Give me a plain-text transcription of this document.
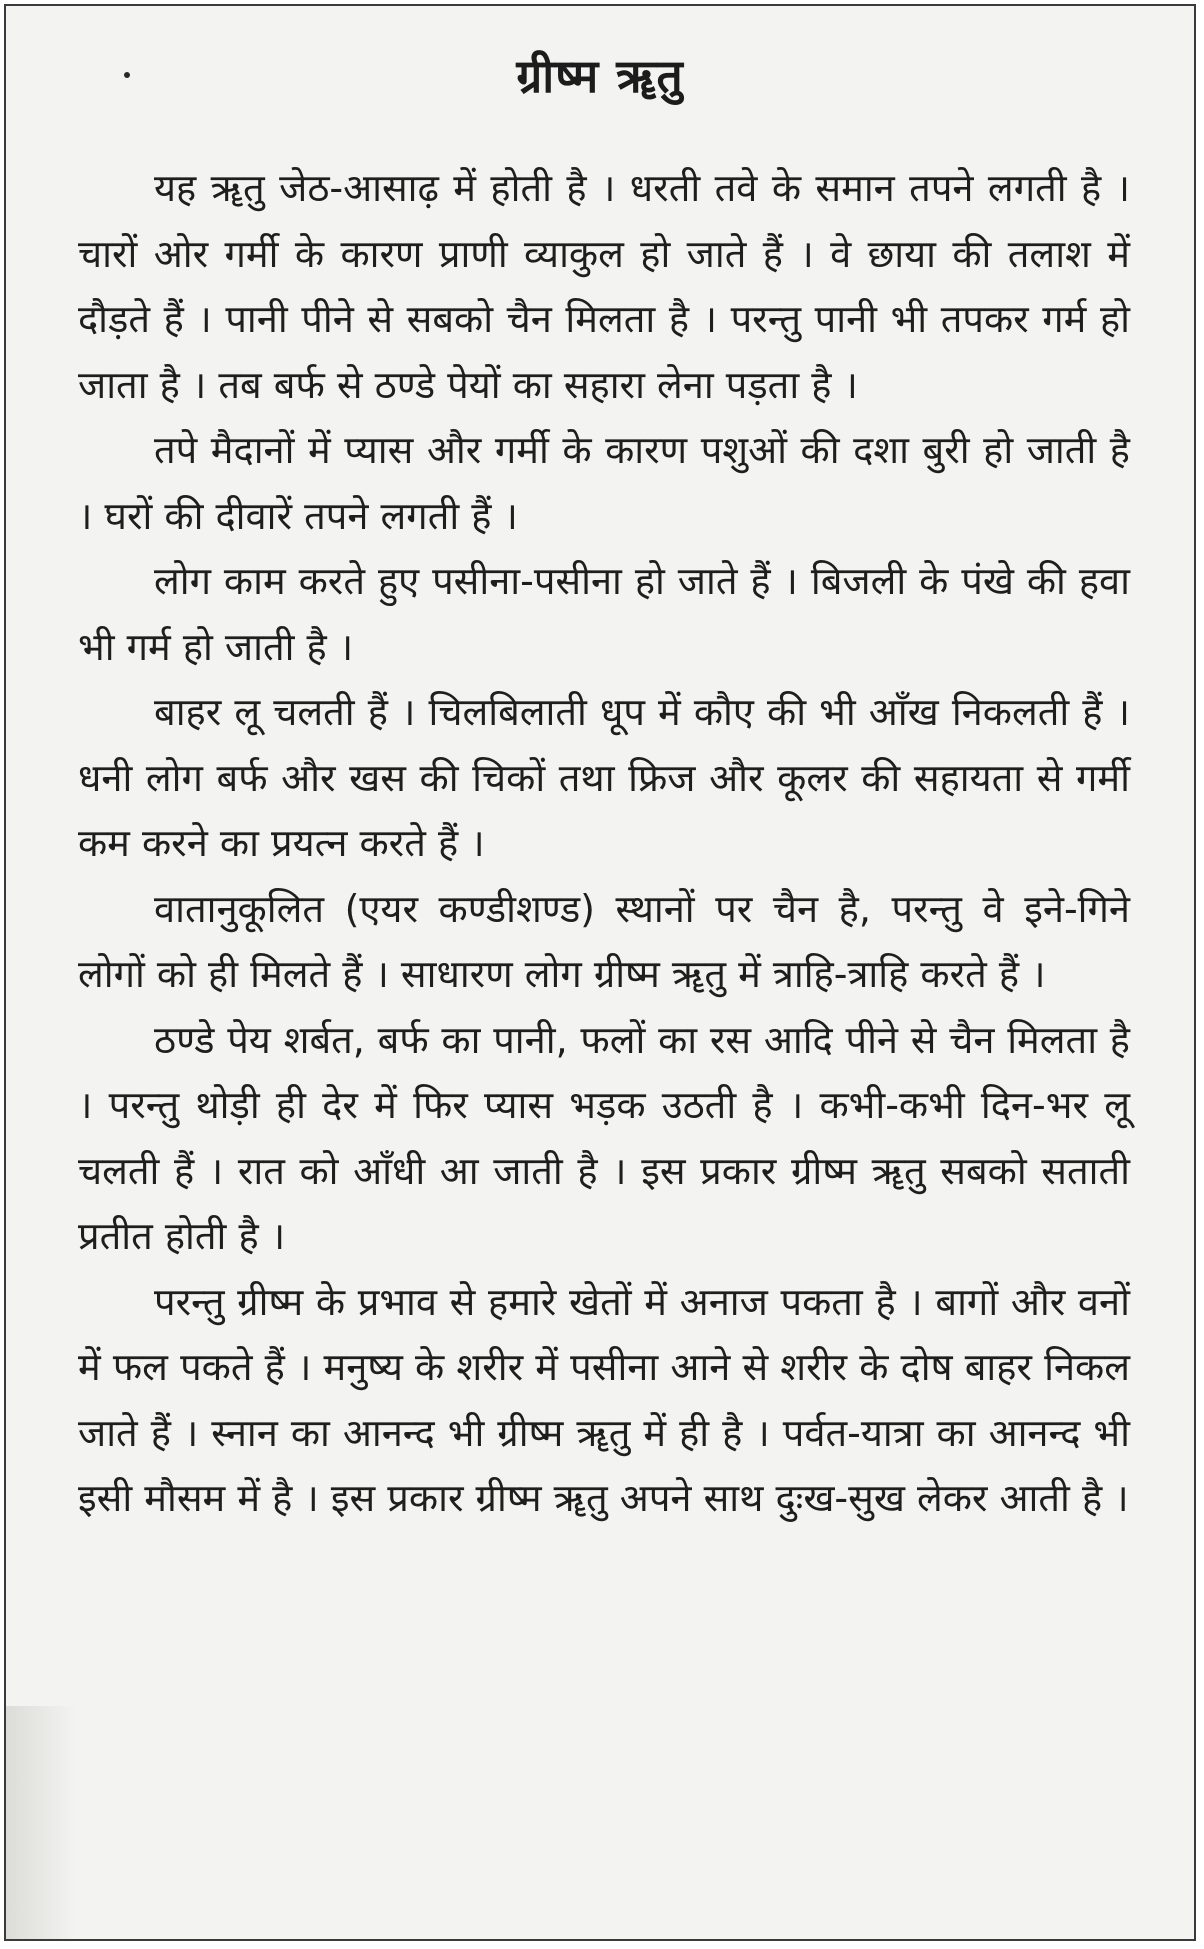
ग्रीष्म ॠतु

यह ॠतु जेठ-आसाढ़ में होती है । धरती तवे के समान तपने लगती है । चारों ओर गर्मी के कारण प्राणी व्याकुल हो जाते हैं । वे छाया की तलाश में दौड़ते हैं । पानी पीने से सबको चैन मिलता है । परन्तु पानी भी तपकर गर्म हो जाता है । तब बर्फ से ठण्डे पेयों का सहारा लेना पड़ता है ।

तपे मैदानों में प्यास और गर्मी के कारण पशुओं की दशा बुरी हो जाती है । घरों की दीवारें तपने लगती हैं ।

लोग काम करते हुए पसीना-पसीना हो जाते हैं । बिजली के पंखे की हवा भी गर्म हो जाती है ।

बाहर लू चलती हैं । चिलबिलाती धूप में कौए की भी आँख निकलती हैं । धनी लोग बर्फ और खस की चिकों तथा फ्रिज और कूलर की सहायता से गर्मी कम करने का प्रयत्न करते हैं ।

वातानुकूलित (एयर कण्डीशण्ड) स्थानों पर चैन है, परन्तु वे इने-गिने लोगों को ही मिलते हैं । साधारण लोग ग्रीष्म ॠतु में त्राहि-त्राहि करते हैं ।

ठण्डे पेय शर्बत, बर्फ का पानी, फलों का रस आदि पीने से चैन मिलता है । परन्तु थोड़ी ही देर में फिर प्यास भड़क उठती है । कभी-कभी दिन-भर लू चलती हैं । रात को आँधी आ जाती है । इस प्रकार ग्रीष्म ॠतु सबको सताती प्रतीत होती है ।

परन्तु ग्रीष्म के प्रभाव से हमारे खेतों में अनाज पकता है । बागों और वनों में फल पकते हैं । मनुष्य के शरीर में पसीना आने से शरीर के दोष बाहर निकल जाते हैं । स्नान का आनन्द भी ग्रीष्म ॠतु में ही है । पर्वत-यात्रा का आनन्द भी इसी मौसम में है । इस प्रकार ग्रीष्म ॠतु अपने साथ दुःख-सुख लेकर आती है ।
